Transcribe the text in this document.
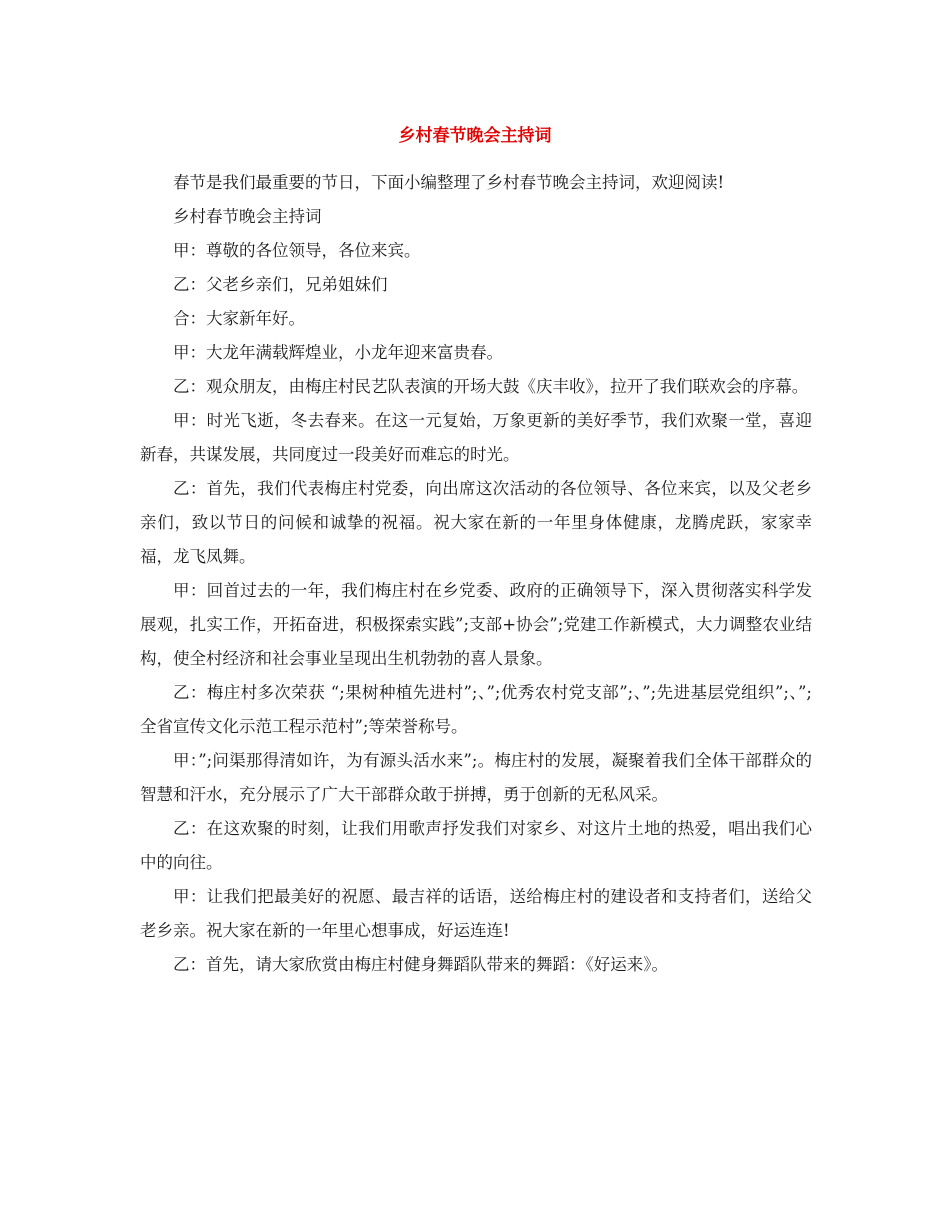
乡村春节晚会主持词

春节是我们最重要的节日，下面小编整理了乡村春节晚会主持词，欢迎阅读!

乡村春节晚会主持词

甲：尊敬的各位领导，各位来宾。

乙：父老乡亲们，兄弟姐妹们

合：大家新年好。

甲：大龙年满载辉煌业，小龙年迎来富贵春。

乙：观众朋友，由梅庄村民艺队表演的开场大鼓《庆丰收》，拉开了我们联欢会的序幕。

甲：时光飞逝，冬去春来。在这一元复始，万象更新的美好季节，我们欢聚一堂，喜迎新春，共谋发展，共同度过一段美好而难忘的时光。

乙：首先，我们代表梅庄村党委，向出席这次活动的各位领导、各位来宾，以及父老乡亲们，致以节日的问候和诚挚的祝福。祝大家在新的一年里身体健康，龙腾虎跃，家家幸福，龙飞凤舞。

甲：回首过去的一年，我们梅庄村在乡党委、政府的正确领导下，深入贯彻落实科学发展观，扎实工作，开拓奋进，积极探索实践”;支部+协会”;党建工作新模式，大力调整农业结构，使全村经济和社会事业呈现出生机勃勃的喜人景象。

乙：梅庄村多次荣获 “;果树种植先进村”;、”;优秀农村党支部”;、”;先进基层党组织”;、”;全省宣传文化示范工程示范村”;等荣誉称号。

甲：”;问渠那得清如许，为有源头活水来”;。梅庄村的发展，凝聚着我们全体干部群众的智慧和汗水，充分展示了广大干部群众敢于拼搏，勇于创新的无私风采。

乙：在这欢聚的时刻，让我们用歌声抒发我们对家乡、对这片土地的热爱，唱出我们心中的向往。

甲：让我们把最美好的祝愿、最吉祥的话语，送给梅庄村的建设者和支持者们，送给父老乡亲。祝大家在新的一年里心想事成，好运连连!

乙：首先，请大家欣赏由梅庄村健身舞蹈队带来的舞蹈：《好运来》。
